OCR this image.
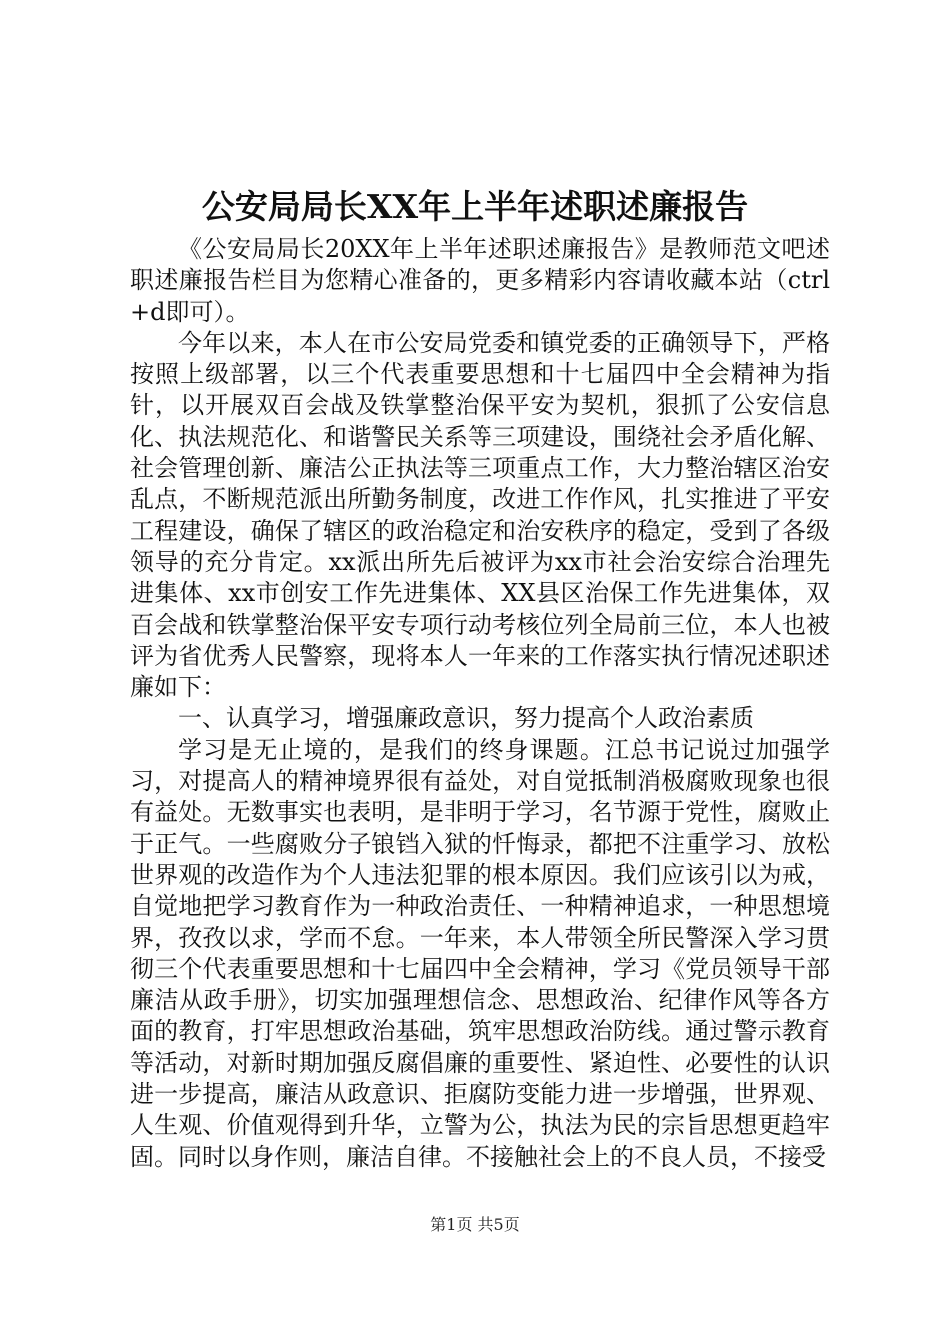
公安局局长XX年上半年述职述廉报告

《公安局局长20XX年上半年述职述廉报告》是教师范文吧述职述廉报告栏目为您精心准备的，更多精彩内容请收藏本站（ctrl+d即可）。

今年以来，本人在市公安局党委和镇党委的正确领导下，严格按照上级部署，以三个代表重要思想和十七届四中全会精神为指针，以开展双百会战及铁掌整治保平安为契机，狠抓了公安信息化、执法规范化、和谐警民关系等三项建设，围绕社会矛盾化解、社会管理创新、廉洁公正执法等三项重点工作，大力整治辖区治安乱点，不断规范派出所勤务制度，改进工作作风，扎实推进了平安工程建设，确保了辖区的政治稳定和治安秩序的稳定，受到了各级领导的充分肯定。xx派出所先后被评为xx市社会治安综合治理先进集体、xx市创安工作先进集体、XX县区治保工作先进集体，双百会战和铁掌整治保平安专项行动考核位列全局前三位，本人也被评为省优秀人民警察，现将本人一年来的工作落实执行情况述职述廉如下：

一、认真学习，增强廉政意识，努力提高个人政治素质

学习是无止境的，是我们的终身课题。江总书记说过加强学习，对提高人的精神境界很有益处，对自觉抵制消极腐败现象也很有益处。无数事实也表明，是非明于学习，名节源于党性，腐败止于正气。一些腐败分子锒铛入狱的忏悔录，都把不注重学习、放松世界观的改造作为个人违法犯罪的根本原因。我们应该引以为戒，自觉地把学习教育作为一种政治责任、一种精神追求，一种思想境界，孜孜以求，学而不怠。一年来，本人带领全所民警深入学习贯彻三个代表重要思想和十七届四中全会精神，学习《党员领导干部廉洁从政手册》，切实加强理想信念、思想政治、纪律作风等各方面的教育，打牢思想政治基础，筑牢思想政治防线。通过警示教育等活动，对新时期加强反腐倡廉的重要性、紧迫性、必要性的认识进一步提高，廉洁从政意识、拒腐防变能力进一步增强，世界观、人生观、价值观得到升华，立警为公，执法为民的宗旨思想更趋牢固。同时以身作则，廉洁自律。不接触社会上的不良人员，不接受

第1页 共5页
